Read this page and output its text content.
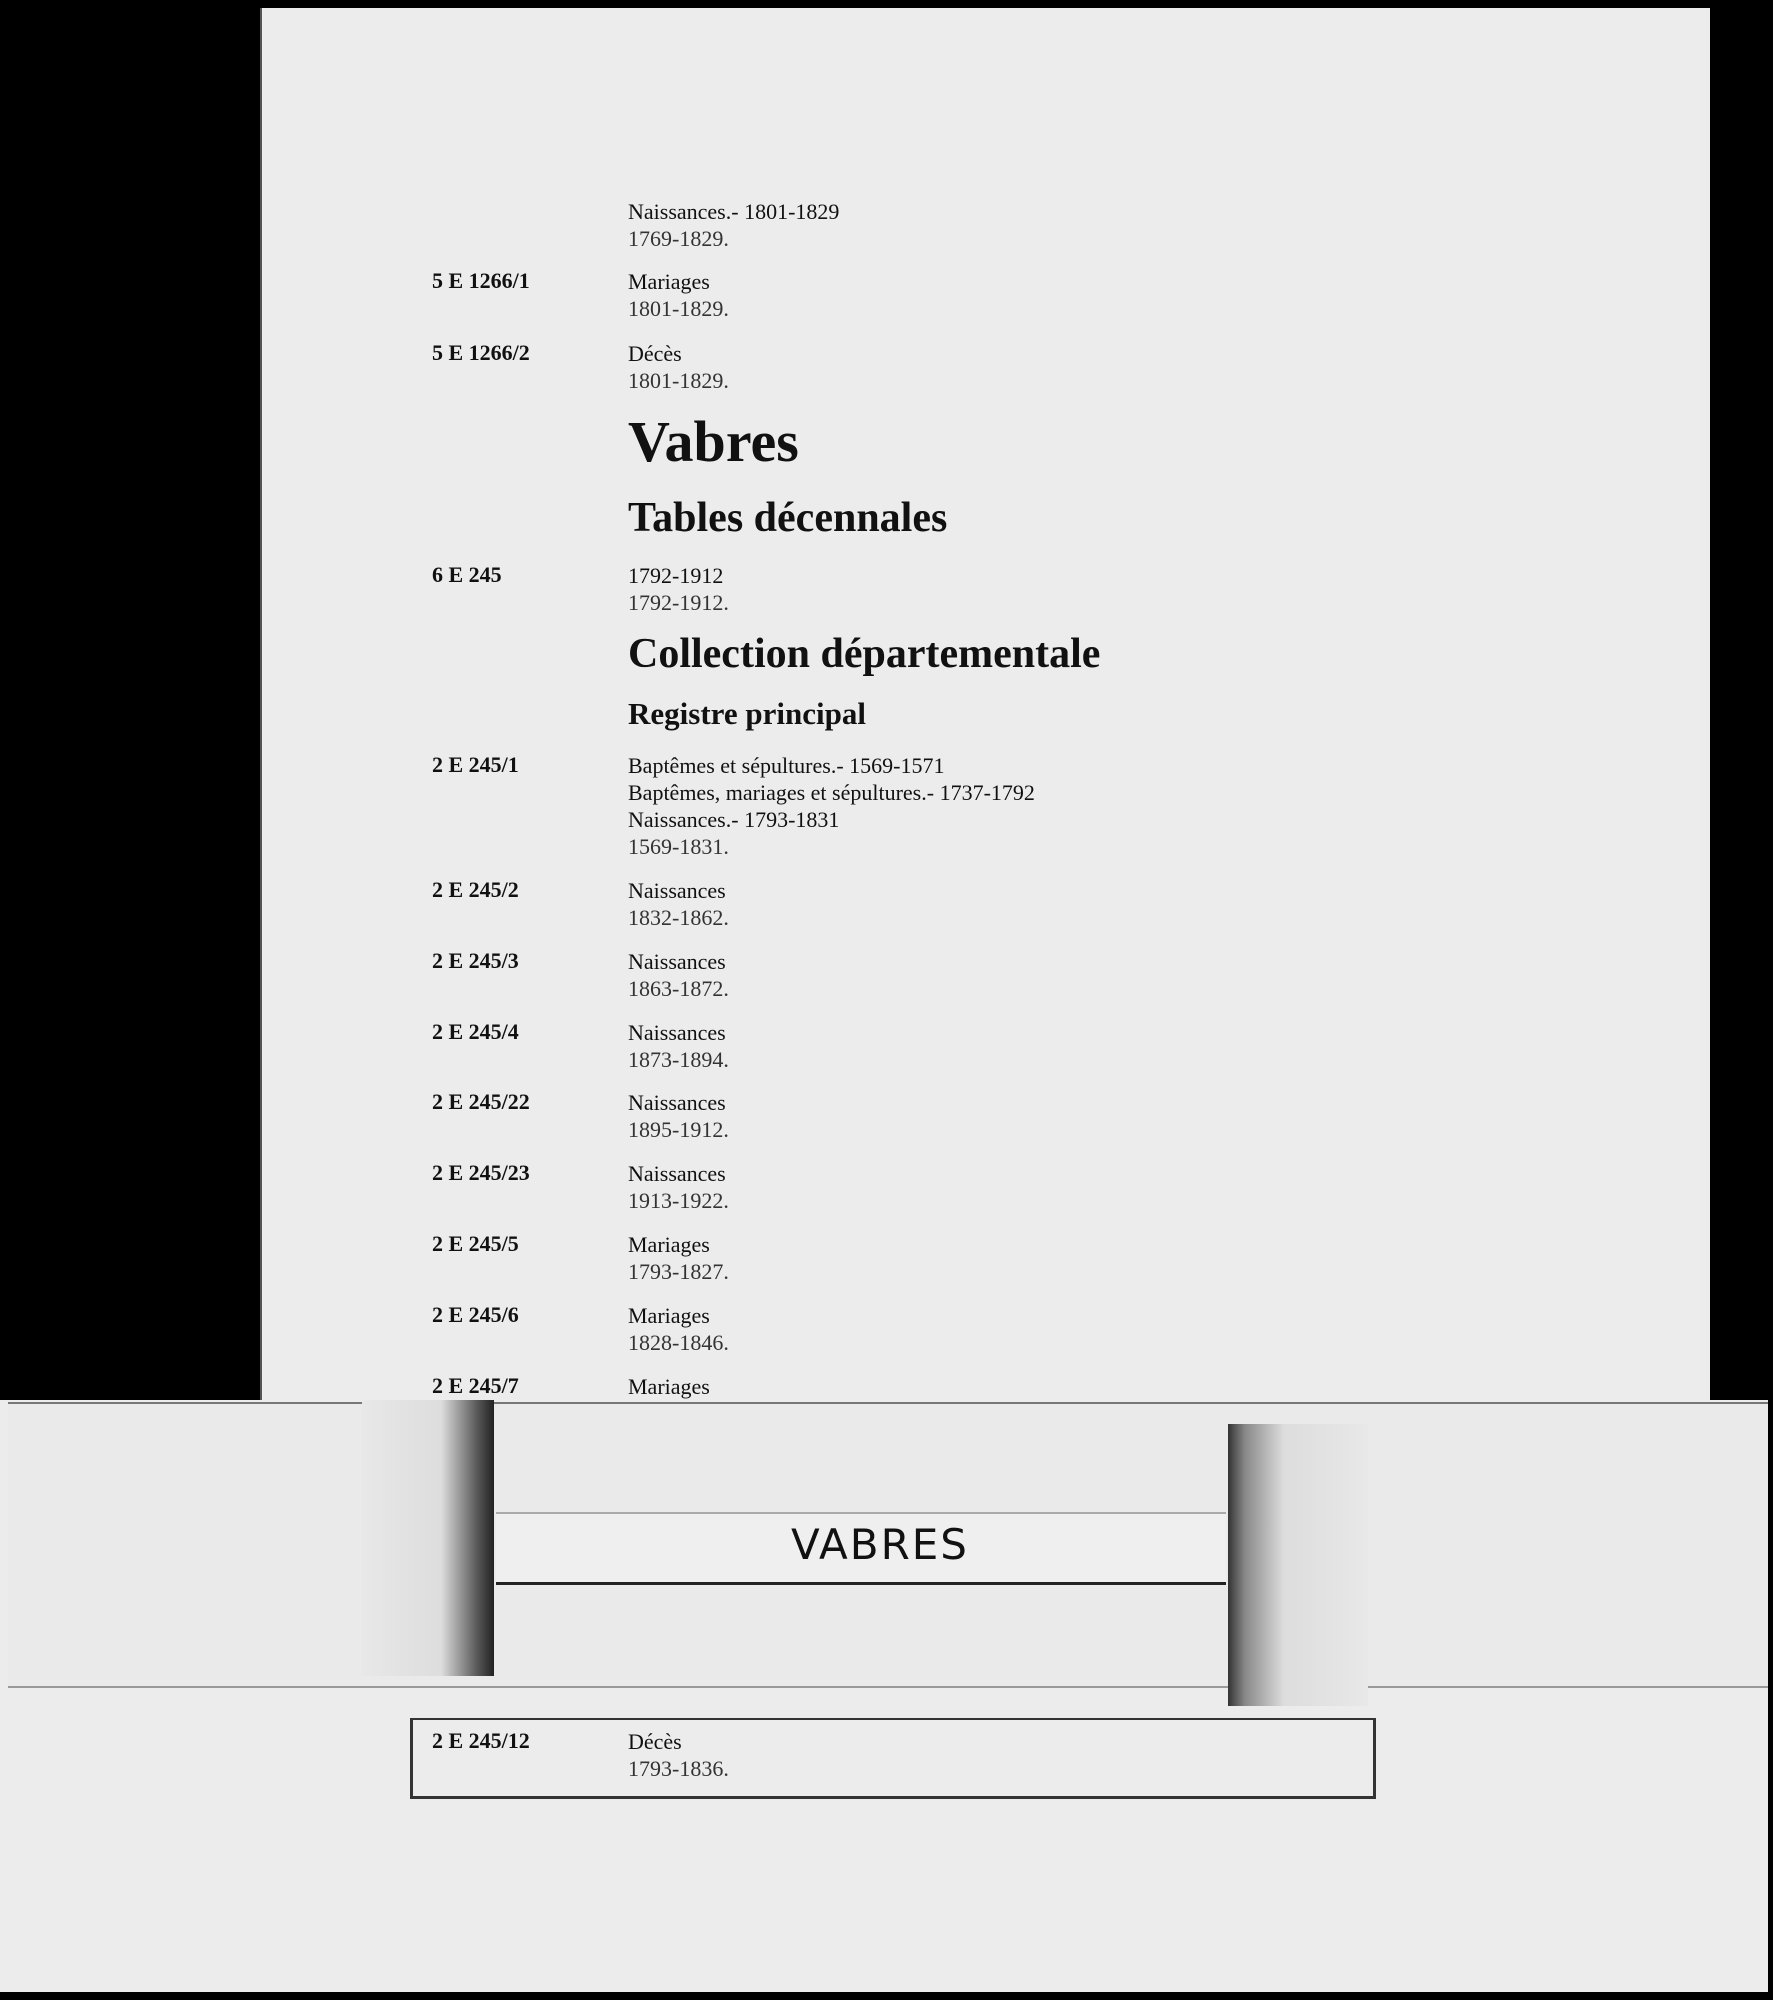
Naissances.- 1801-1829
1769-1829.
5 E 1266/1	Mariages
1801-1829.
5 E 1266/2	Décès
1801-1829.
Vabres
Tables décennales
6 E 245	1792-1912
1792-1912.
Collection départementale
Registre principal
2 E 245/1	Baptêmes et sépultures.- 1569-1571
Baptêmes, mariages et sépultures.- 1737-1792
Naissances.- 1793-1831
1569-1831.
2 E 245/2	Naissances
1832-1862.
2 E 245/3	Naissances
1863-1872.
2 E 245/4	Naissances
1873-1894.
2 E 245/22	Naissances
1895-1912.
2 E 245/23	Naissances
1913-1922.
2 E 245/5	Mariages
1793-1827.
2 E 245/6	Mariages
1828-1846.
2 E 245/7	Mariages
VABRES
2 E 245/12	Décès
1793-1836.
